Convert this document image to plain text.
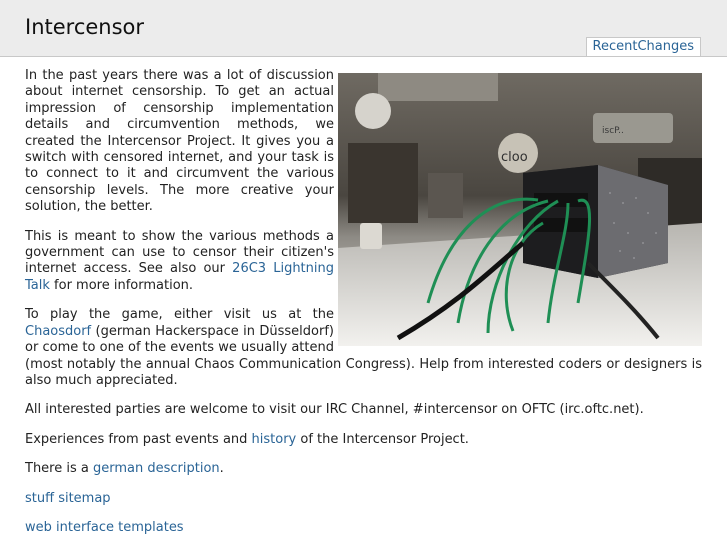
Intercensor
RecentChanges
iscP..
cloo

In the past years there was a lot of discussion about internet censorship. To get an actual impression of censorship implementation details and circumvention methods, we created the Intercensor Project. It gives you a switch with censored internet, and your task is to connect to it and circumvent the various censorship levels. The more creative your solution, the better.

This is meant to show the various methods a government can use to censor their citizen's internet access. See also our 26C3 Lightning Talk for more information.

To play the game, either visit us at the Chaosdorf (german Hackerspace in Düsseldorf) or come to one of the events we usually attend (most notably the annual Chaos Communication Congress). Help from interested coders or designers is also much appreciated.

All interested parties are welcome to visit our IRC Channel, #intercensor on OFTC (irc.oftc.net).

Experiences from past events and history of the Intercensor Project.

There is a german description.

stuff sitemap

web interface templates
